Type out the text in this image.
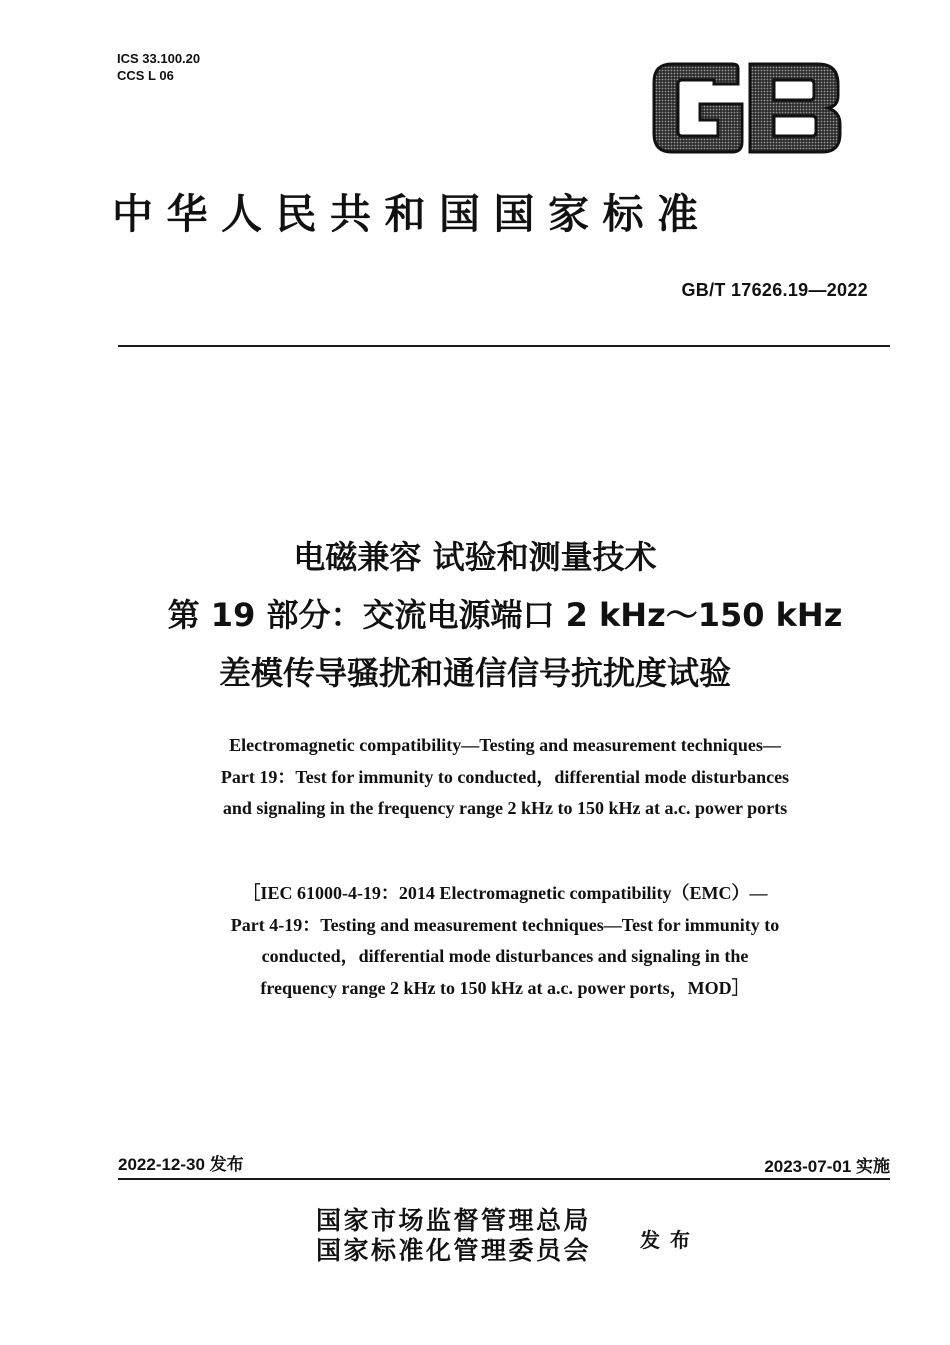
ICS 33.100.20
CCS L 06
中华人民共和国国家标准
GB/T 17626.19—2022
电磁兼容 试验和测量技术
第 19 部分：交流电源端口 2 kHz～150 kHz
差模传导骚扰和通信信号抗扰度试验
Electromagnetic compatibility—Testing and measurement techniques—
Part 19：Test for immunity to conducted，differential mode disturbances
and signaling in the frequency range 2 kHz to 150 kHz at a.c. power ports
［IEC 61000-4-19：2014 Electromagnetic compatibility（EMC）—
Part 4-19：Testing and measurement techniques—Test for immunity to
conducted，differential mode disturbances and signaling in the
frequency range 2 kHz to 150 kHz at a.c. power ports，MOD］
2022-12-30 发布	2023-07-01 实施
国家市场监督管理总局
国家标准化管理委员会 发布
